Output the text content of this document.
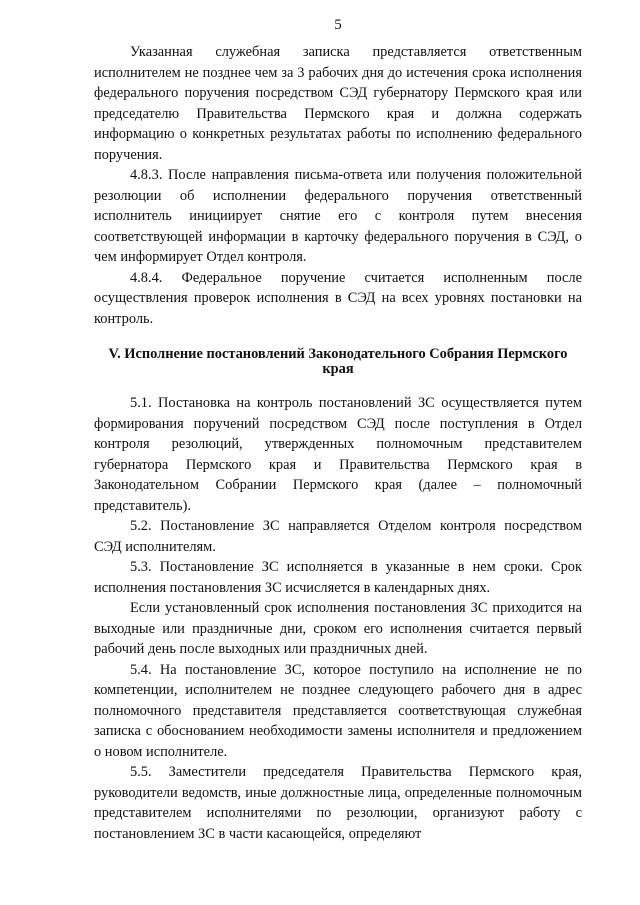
5

Указанная служебная записка представляется ответственным исполнителем не позднее чем за 3 рабочих дня до истечения срока исполнения федерального поручения посредством СЭД губернатору Пермского края или председателю Правительства Пермского края и должна содержать информацию о конкретных результатах работы по исполнению федерального поручения.

4.8.3. После направления письма-ответа или получения положительной резолюции об исполнении федерального поручения ответственный исполнитель инициирует снятие его с контроля путем внесения соответствующей информации в карточку федерального поручения в СЭД, о чем информирует Отдел контроля.

4.8.4. Федеральное поручение считается исполненным после осуществления проверок исполнения в СЭД на всех уровнях постановки на контроль.

V. Исполнение постановлений Законодательного Собрания Пермского края

5.1. Постановка на контроль постановлений ЗС осуществляется путем формирования поручений посредством СЭД после поступления в Отдел контроля резолюций, утвержденных полномочным представителем губернатора Пермского края и Правительства Пермского края в Законодательном Собрании Пермского края (далее – полномочный представитель).

5.2. Постановление ЗС направляется Отделом контроля посредством СЭД исполнителям.

5.3. Постановление ЗС исполняется в указанные в нем сроки. Срок исполнения постановления ЗС исчисляется в календарных днях.

Если установленный срок исполнения постановления ЗС приходится на выходные или праздничные дни, сроком его исполнения считается первый рабочий день после выходных или праздничных дней.

5.4. На постановление ЗС, которое поступило на исполнение не по компетенции, исполнителем не позднее следующего рабочего дня в адрес полномочного представителя представляется соответствующая служебная записка с обоснованием необходимости замены исполнителя и предложением о новом исполнителе.

5.5. Заместители председателя Правительства Пермского края, руководители ведомств, иные должностные лица, определенные полномочным представителем исполнителями по резолюции, организуют работу с постановлением ЗС в части касающейся, определяют
